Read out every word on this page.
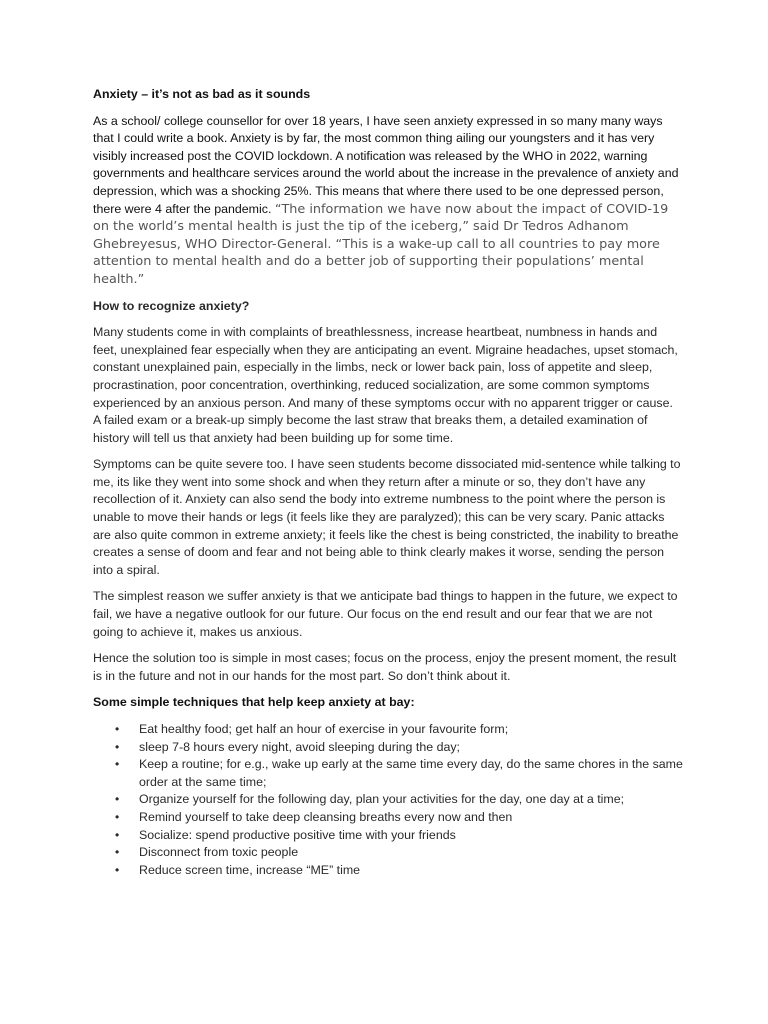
Anxiety – it’s not as bad as it sounds
As a school/ college counsellor for over 18 years, I have seen anxiety expressed in so many many ways that I could write a book. Anxiety is by far, the most common thing ailing our youngsters and it has very visibly increased post the COVID lockdown. A notification was released by the WHO in 2022, warning governments and healthcare services around the world about the increase in the prevalence of anxiety and depression, which was a shocking 25%. This means that where there used to be one depressed person, there were 4 after the pandemic. “The information we have now about the impact of COVID-19 on the world’s mental health is just the tip of the iceberg,” said Dr Tedros Adhanom Ghebreyesus, WHO Director-General. “This is a wake-up call to all countries to pay more attention to mental health and do a better job of supporting their populations’ mental health.”
How to recognize anxiety?
Many students come in with complaints of breathlessness, increase heartbeat, numbness in hands and feet, unexplained fear especially when they are anticipating an event. Migraine headaches, upset stomach, constant unexplained pain, especially in the limbs, neck or lower back pain, loss of appetite and sleep, procrastination, poor concentration, overthinking, reduced socialization, are some common symptoms experienced by an anxious person. And many of these symptoms occur with no apparent trigger or cause. A failed exam or a break-up simply become the last straw that breaks them, a detailed examination of history will tell us that anxiety had been building up for some time.
Symptoms can be quite severe too. I have seen students become dissociated mid-sentence while talking to me, its like they went into some shock and when they return after a minute or so, they don’t have any recollection of it. Anxiety can also send the body into extreme numbness to the point where the person is unable to move their hands or legs (it feels like they are paralyzed); this can be very scary. Panic attacks are also quite common in extreme anxiety; it feels like the chest is being constricted, the inability to breathe creates a sense of doom and fear and not being able to think clearly makes it worse, sending the person into a spiral.
The simplest reason we suffer anxiety is that we anticipate bad things to happen in the future, we expect to fail, we have a negative outlook for our future. Our focus on the end result and our fear that we are not going to achieve it, makes us anxious.
Hence the solution too is simple in most cases; focus on the process, enjoy the present moment, the result is in the future and not in our hands for the most part. So don’t think about it.
Some simple techniques that help keep anxiety at bay:
• Eat healthy food; get half an hour of exercise in your favourite form;
• sleep 7-8 hours every night, avoid sleeping during the day;
• Keep a routine; for e.g., wake up early at the same time every day, do the same chores in the same order at the same time;
• Organize yourself for the following day, plan your activities for the day, one day at a time;
• Remind yourself to take deep cleansing breaths every now and then
• Socialize: spend productive positive time with your friends
• Disconnect from toxic people
• Reduce screen time, increase “ME” time
